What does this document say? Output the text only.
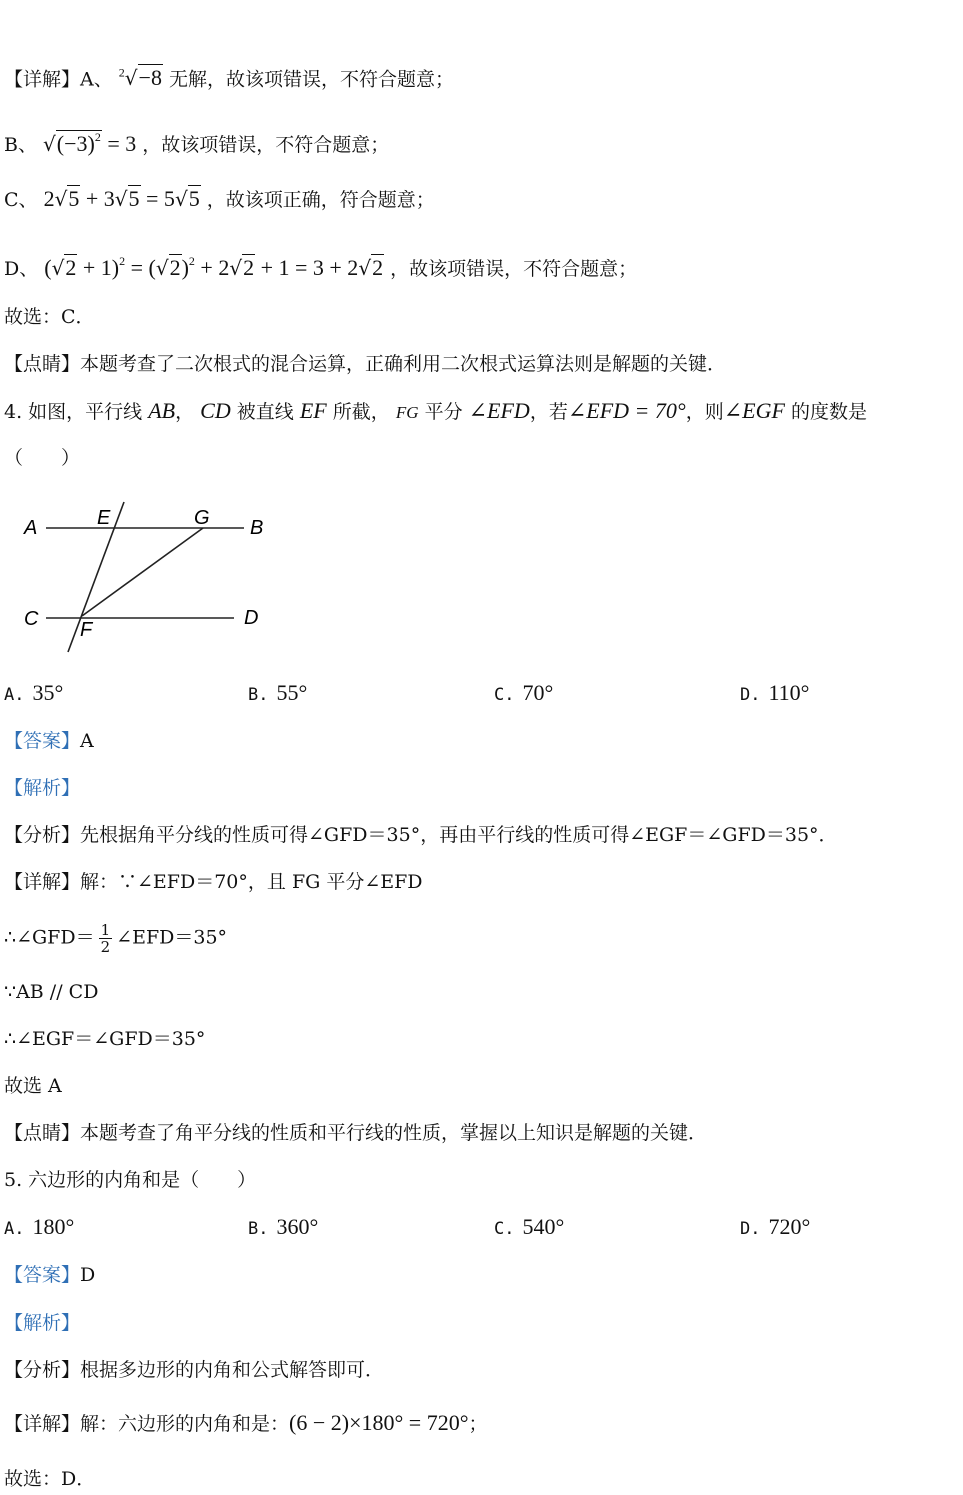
【详解】A、 $^2$√−8 无解，故该项错误，不符合题意；
B、 $√(-3)^2 = 3$ ，故该项错误，不符合题意；
C、 2√5 + 3√5 = 5√5 ，故该项正确，符合题意；
D、 $(√2 + 1)^2 = (√2)^2 + 2√2 + 1 = 3 + 2√2$ ，故该项错误，不符合题意；
故选：C．
【点睛】本题考查了二次根式的混合运算，正确利用二次根式运算法则是解题的关键．
4. 如图，平行线 AB， CD 被直线 EF 所截， FG 平分 ∠EFD，若∠EFD = 70°，则∠EGF 的度数是
（　　）
A	E	G B
C F
D
A. 35°	B. 55°	C. 70°	D. 110°
【答案】A
【解析】
【分析】先根据角平分线的性质可得∠GFD＝35°，再由平行线的性质可得∠EGF＝∠GFD＝35°．
【详解】解：∵∠EFD＝70°，且 FG 平分∠EFD
∴∠GFD＝ $\frac{1}{2}$ ∠EFD＝35°
∵AB // CD
∴∠EGF＝∠GFD＝35°
故选 A
【点睛】本题考查了角平分线的性质和平行线的性质，掌握以上知识是解题的关键．
5. 六边形的内角和是（　　）
A. 180°	B. 360°	C. 540°	D. 720°
【答案】D
【解析】
【分析】根据多边形的内角和公式解答即可．
【详解】解：六边形的内角和是：(6 − 2)×180° = 720°；
故选：D．
